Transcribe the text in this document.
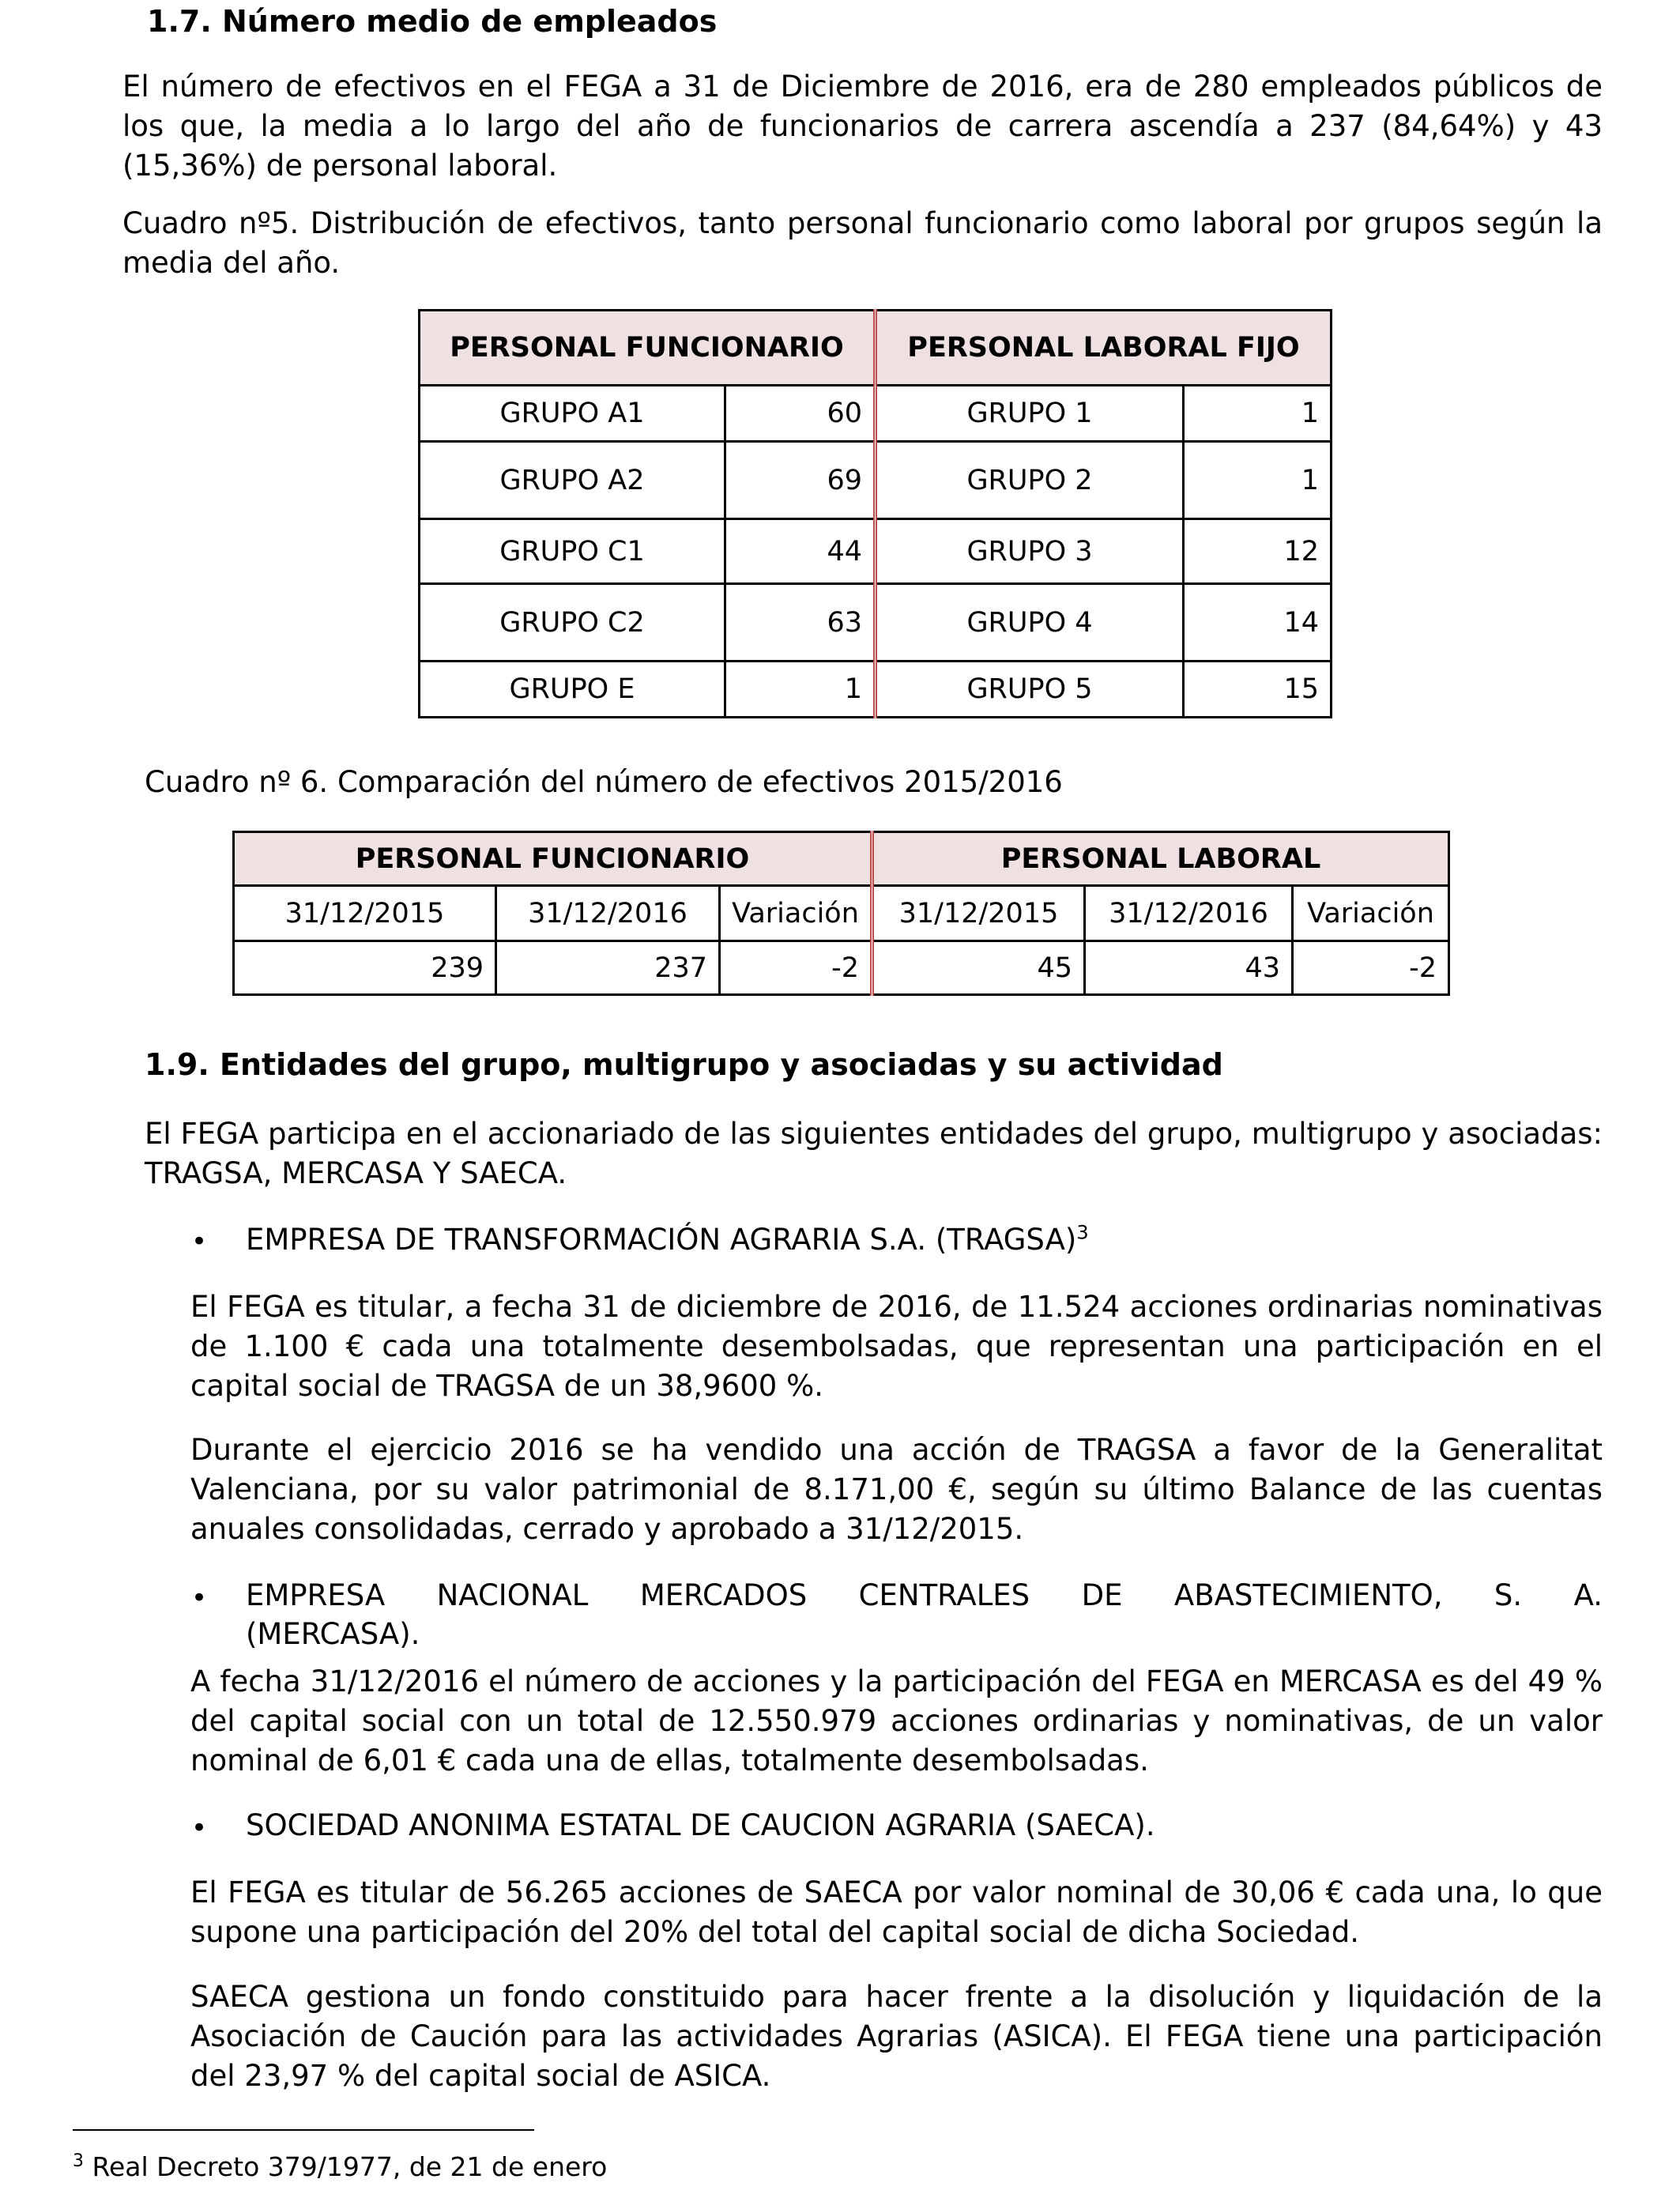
1.7. Número medio de empleados
El número de efectivos en el FEGA a 31 de Diciembre de 2016, era de 280 empleados públicos de los que, la media a lo largo del año de funcionarios de carrera ascendía a 237 (84,64%) y 43 (15,36%) de personal laboral.
Cuadro nº5. Distribución de efectivos, tanto personal funcionario como laboral por grupos según la media del año.
PERSONAL FUNCIONARIO		PERSONAL LABORAL FIJO	
GRUPO A1	60	GRUPO 1	1
GRUPO A2	69	GRUPO 2	1
GRUPO C1	44	GRUPO 3	12
GRUPO C2	63	GRUPO 4	14
GRUPO E	1	GRUPO 5	15
Cuadro nº 6. Comparación del número de efectivos 2015/2016
PERSONAL FUNCIONARIO			PERSONAL LABORAL		
31/12/2015	31/12/2016	Variación	31/12/2015	31/12/2016	Variación
239	237	-2	45	43	-2
1.9. Entidades del grupo, multigrupo y asociadas y su actividad
El FEGA participa en el accionariado de las siguientes entidades del grupo, multigrupo y asociadas: TRAGSA, MERCASA Y SAECA.
• EMPRESA DE TRANSFORMACIÓN AGRARIA S.A. (TRAGSA)$^3$
El FEGA es titular, a fecha 31 de diciembre de 2016, de 11.524 acciones ordinarias nominativas de 1.100 € cada una totalmente desembolsadas, que representan una participación en el capital social de TRAGSA de un 38,9600 %.
Durante el ejercicio 2016 se ha vendido una acción de TRAGSA a favor de la Generalitat Valenciana, por su valor patrimonial de 8.171,00 €, según su último Balance de las cuentas anuales consolidadas, cerrado y aprobado a 31/12/2015.
• EMPRESA NACIONAL MERCADOS CENTRALES DE ABASTECIMIENTO, S. A.
(MERCASA).
A fecha 31/12/2016 el número de acciones y la participación del FEGA en MERCASA es del 49 % del capital social con un total de 12.550.979 acciones ordinarias y nominativas, de un valor nominal de 6,01 € cada una de ellas, totalmente desembolsadas.
• SOCIEDAD ANONIMA ESTATAL DE CAUCION AGRARIA (SAECA).
El FEGA es titular de 56.265 acciones de SAECA por valor nominal de 30,06 € cada una, lo que supone una participación del 20% del total del capital social de dicha Sociedad.
SAECA gestiona un fondo constituido para hacer frente a la disolución y liquidación de la Asociación de Caución para las actividades Agrarias (ASICA). El FEGA tiene una participación del 23,97 % del capital social de ASICA.
$^3$ Real Decreto 379/1977, de 21 de enero
